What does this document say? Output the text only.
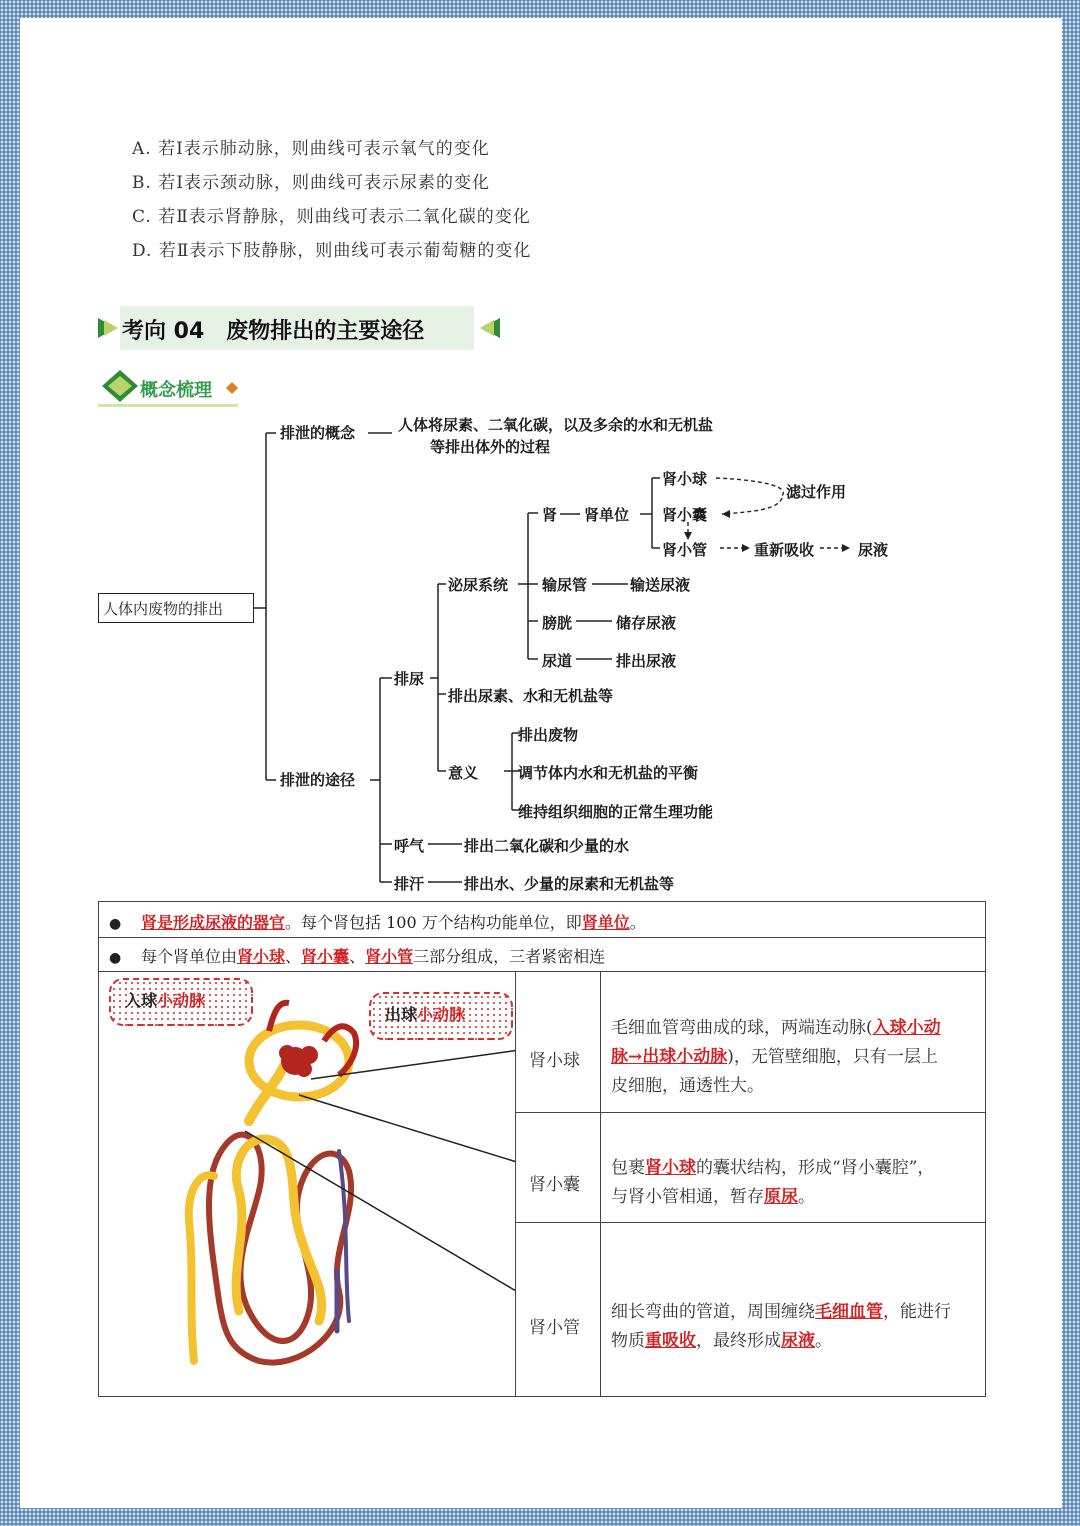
A. 若Ⅰ表示肺动脉，则曲线可表示氧气的变化
B. 若Ⅰ表示颈动脉，则曲线可表示尿素的变化
C. 若Ⅱ表示肾静脉，则曲线可表示二氧化碳的变化
D. 若Ⅱ表示下肢静脉，则曲线可表示葡萄糖的变化
考向 04　废物排出的主要途径
概念梳理
人体内废物的排出
排泄的概念	人体将尿素、二氧化碳，以及多余的水和无机盐
等排出体外的过程
排泄的途径
排尿
泌尿系统
肾 肾单位
肾小球
肾小囊
肾小管
滤过作用
重新吸收	尿液
输尿管	输送尿液
膀胱	储存尿液
尿道	排出尿液
排出尿素、水和无机盐等
意义
排出废物
调节体内水和无机盐的平衡
维持组织细胞的正常生理功能
呼气	排出二氧化碳和少量的水
排汗	排出水、少量的尿素和无机盐等
● 肾是形成尿液的器官。每个肾包括 100 万个结构功能单位，即肾单位。
● 每个肾单位由肾小球、肾小囊、肾小管三部分组成，三者紧密相连
入球小动脉
出球小动脉
肾小球
毛细血管弯曲成的球，两端连动脉(入球小动
脉→出球小动脉)，无管壁细胞，只有一层上
皮细胞，通透性大。
肾小囊
包裹肾小球的囊状结构，形成“肾小囊腔”，
与肾小管相通，暂存原尿。
肾小管
细长弯曲的管道，周围缠绕毛细血管，能进行
物质重吸收，最终形成尿液。
